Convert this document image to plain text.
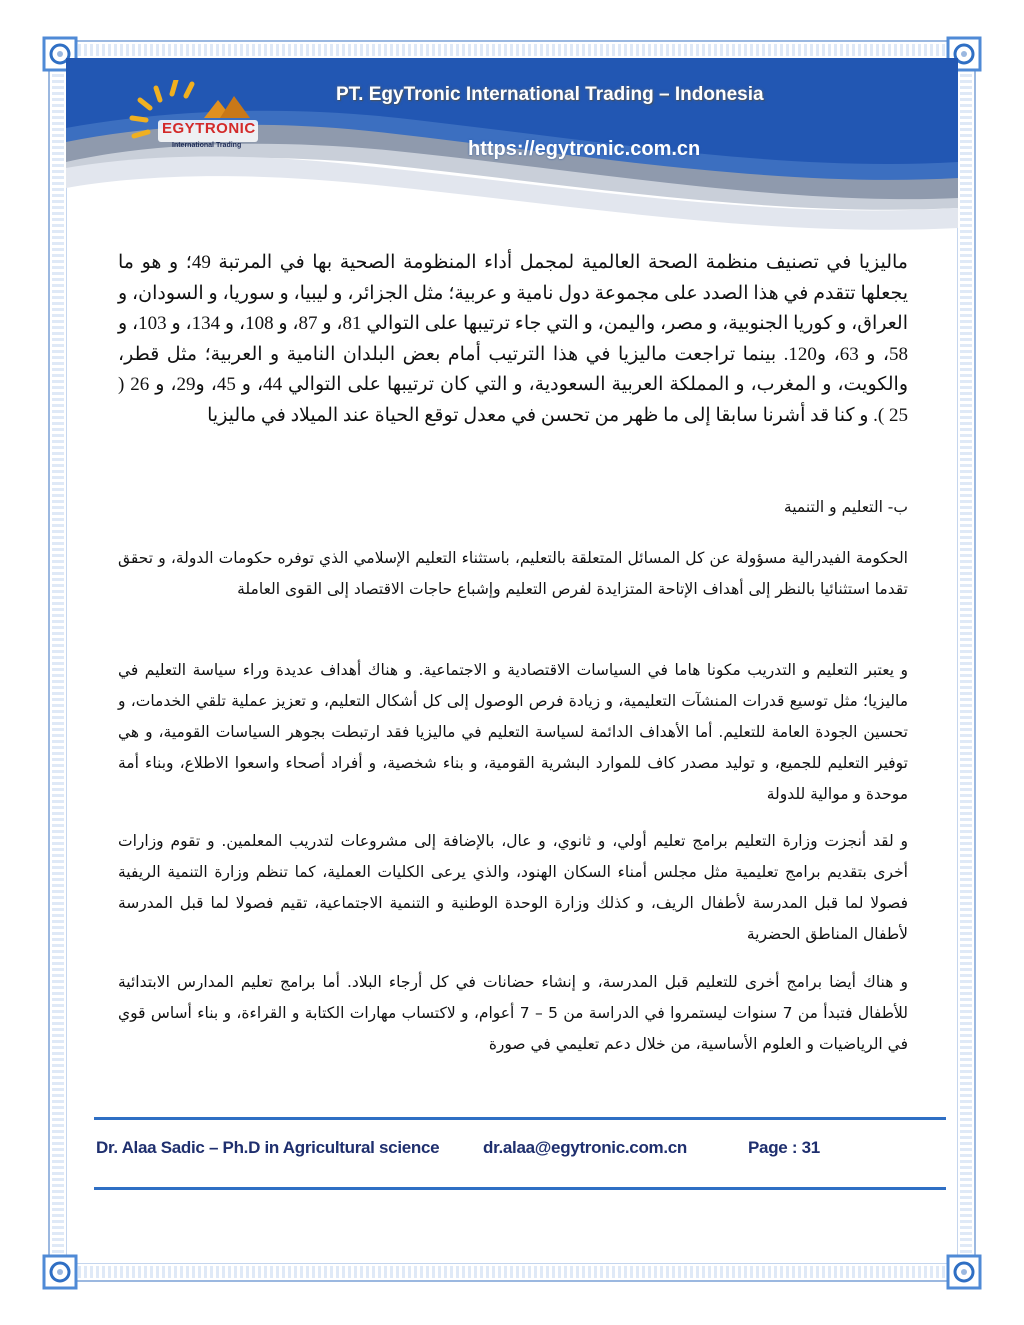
EGYTRONIC
International Trading
PT. EgyTronic International Trading – Indonesia
https://egytronic.com.cn

ماليزيا في تصنيف منظمة الصحة العالمية لمجمل أداء المنظومة الصحية بها في المرتبة 49؛ و هو ما يجعلها تتقدم في هذا الصدد على مجموعة دول نامية و عربية؛ مثل الجزائر، و ليبيا، و سوريا، و السودان، و العراق، و كوريا الجنوبية، و مصر، واليمن، و التي جاء ترتيبها على التوالي 81، و 87، و 108، و 134، و 103، و 58، و 63، و120. بينما تراجعت ماليزيا في هذا الترتيب أمام بعض البلدان النامية و العربية؛ مثل قطر، والكويت، و المغرب، و المملكة العربية السعودية، و التي كان ترتيبها على التوالي 44، و 45، و29، و 26 ( 25 ). و كنا قد أشرنا سابقا إلى ما ظهر من تحسن في معدل توقع الحياة عند الميلاد في ماليزيا

ب- التعليم و التنمية

الحكومة الفيدرالية مسؤولة عن كل المسائل المتعلقة بالتعليم، باستثناء التعليم الإسلامي الذي توفره حكومات الدولة، و تحقق تقدما استثنائيا بالنظر إلى أهداف الإتاحة المتزايدة لفرص التعليم وإشباع حاجات الاقتصاد إلى القوى العاملة

و يعتبر التعليم و التدريب مكونا هاما في السياسات الاقتصادية و الاجتماعية. و هناك أهداف عديدة وراء سياسة التعليم في ماليزيا؛ مثل توسيع قدرات المنشآت التعليمية، و زيادة فرص الوصول إلى كل أشكال التعليم، و تعزيز عملية تلقي الخدمات، و تحسين الجودة العامة للتعليم. أما الأهداف الدائمة لسياسة التعليم في ماليزيا فقد ارتبطت بجوهر السياسات القومية، و هي توفير التعليم للجميع، و توليد مصدر كاف للموارد البشرية القومية، و بناء شخصية، و أفراد أصحاء واسعوا الاطلاع، وبناء أمة موحدة و موالية للدولة

و لقد أنجزت وزارة التعليم برامج تعليم أولي، و ثانوي، و عال، بالإضافة إلى مشروعات لتدريب المعلمين. و تقوم وزارات أخرى بتقديم برامج تعليمية مثل مجلس أمناء السكان الهنود، والذي يرعى الكليات العملية، كما تنظم وزارة التنمية الريفية فصولا لما قبل المدرسة لأطفال الريف، و كذلك وزارة الوحدة الوطنية و التنمية الاجتماعية، تقيم فصولا لما قبل المدرسة لأطفال المناطق الحضرية

و هناك أيضا برامج أخرى للتعليم قبل المدرسة، و إنشاء حضانات في كل أرجاء البلاد. أما برامج تعليم المدارس الابتدائية للأطفال فتبدأ من 7 سنوات ليستمروا في الدراسة من 5 – 7 أعوام، و لاكتساب مهارات الكتابة و القراءة، و بناء أساس قوي في الرياضيات و العلوم الأساسية، من خلال دعم تعليمي في صورة

Dr. Alaa Sadic – Ph.D in Agricultural science	dr.alaa@egytronic.com.cn	Page : 31
